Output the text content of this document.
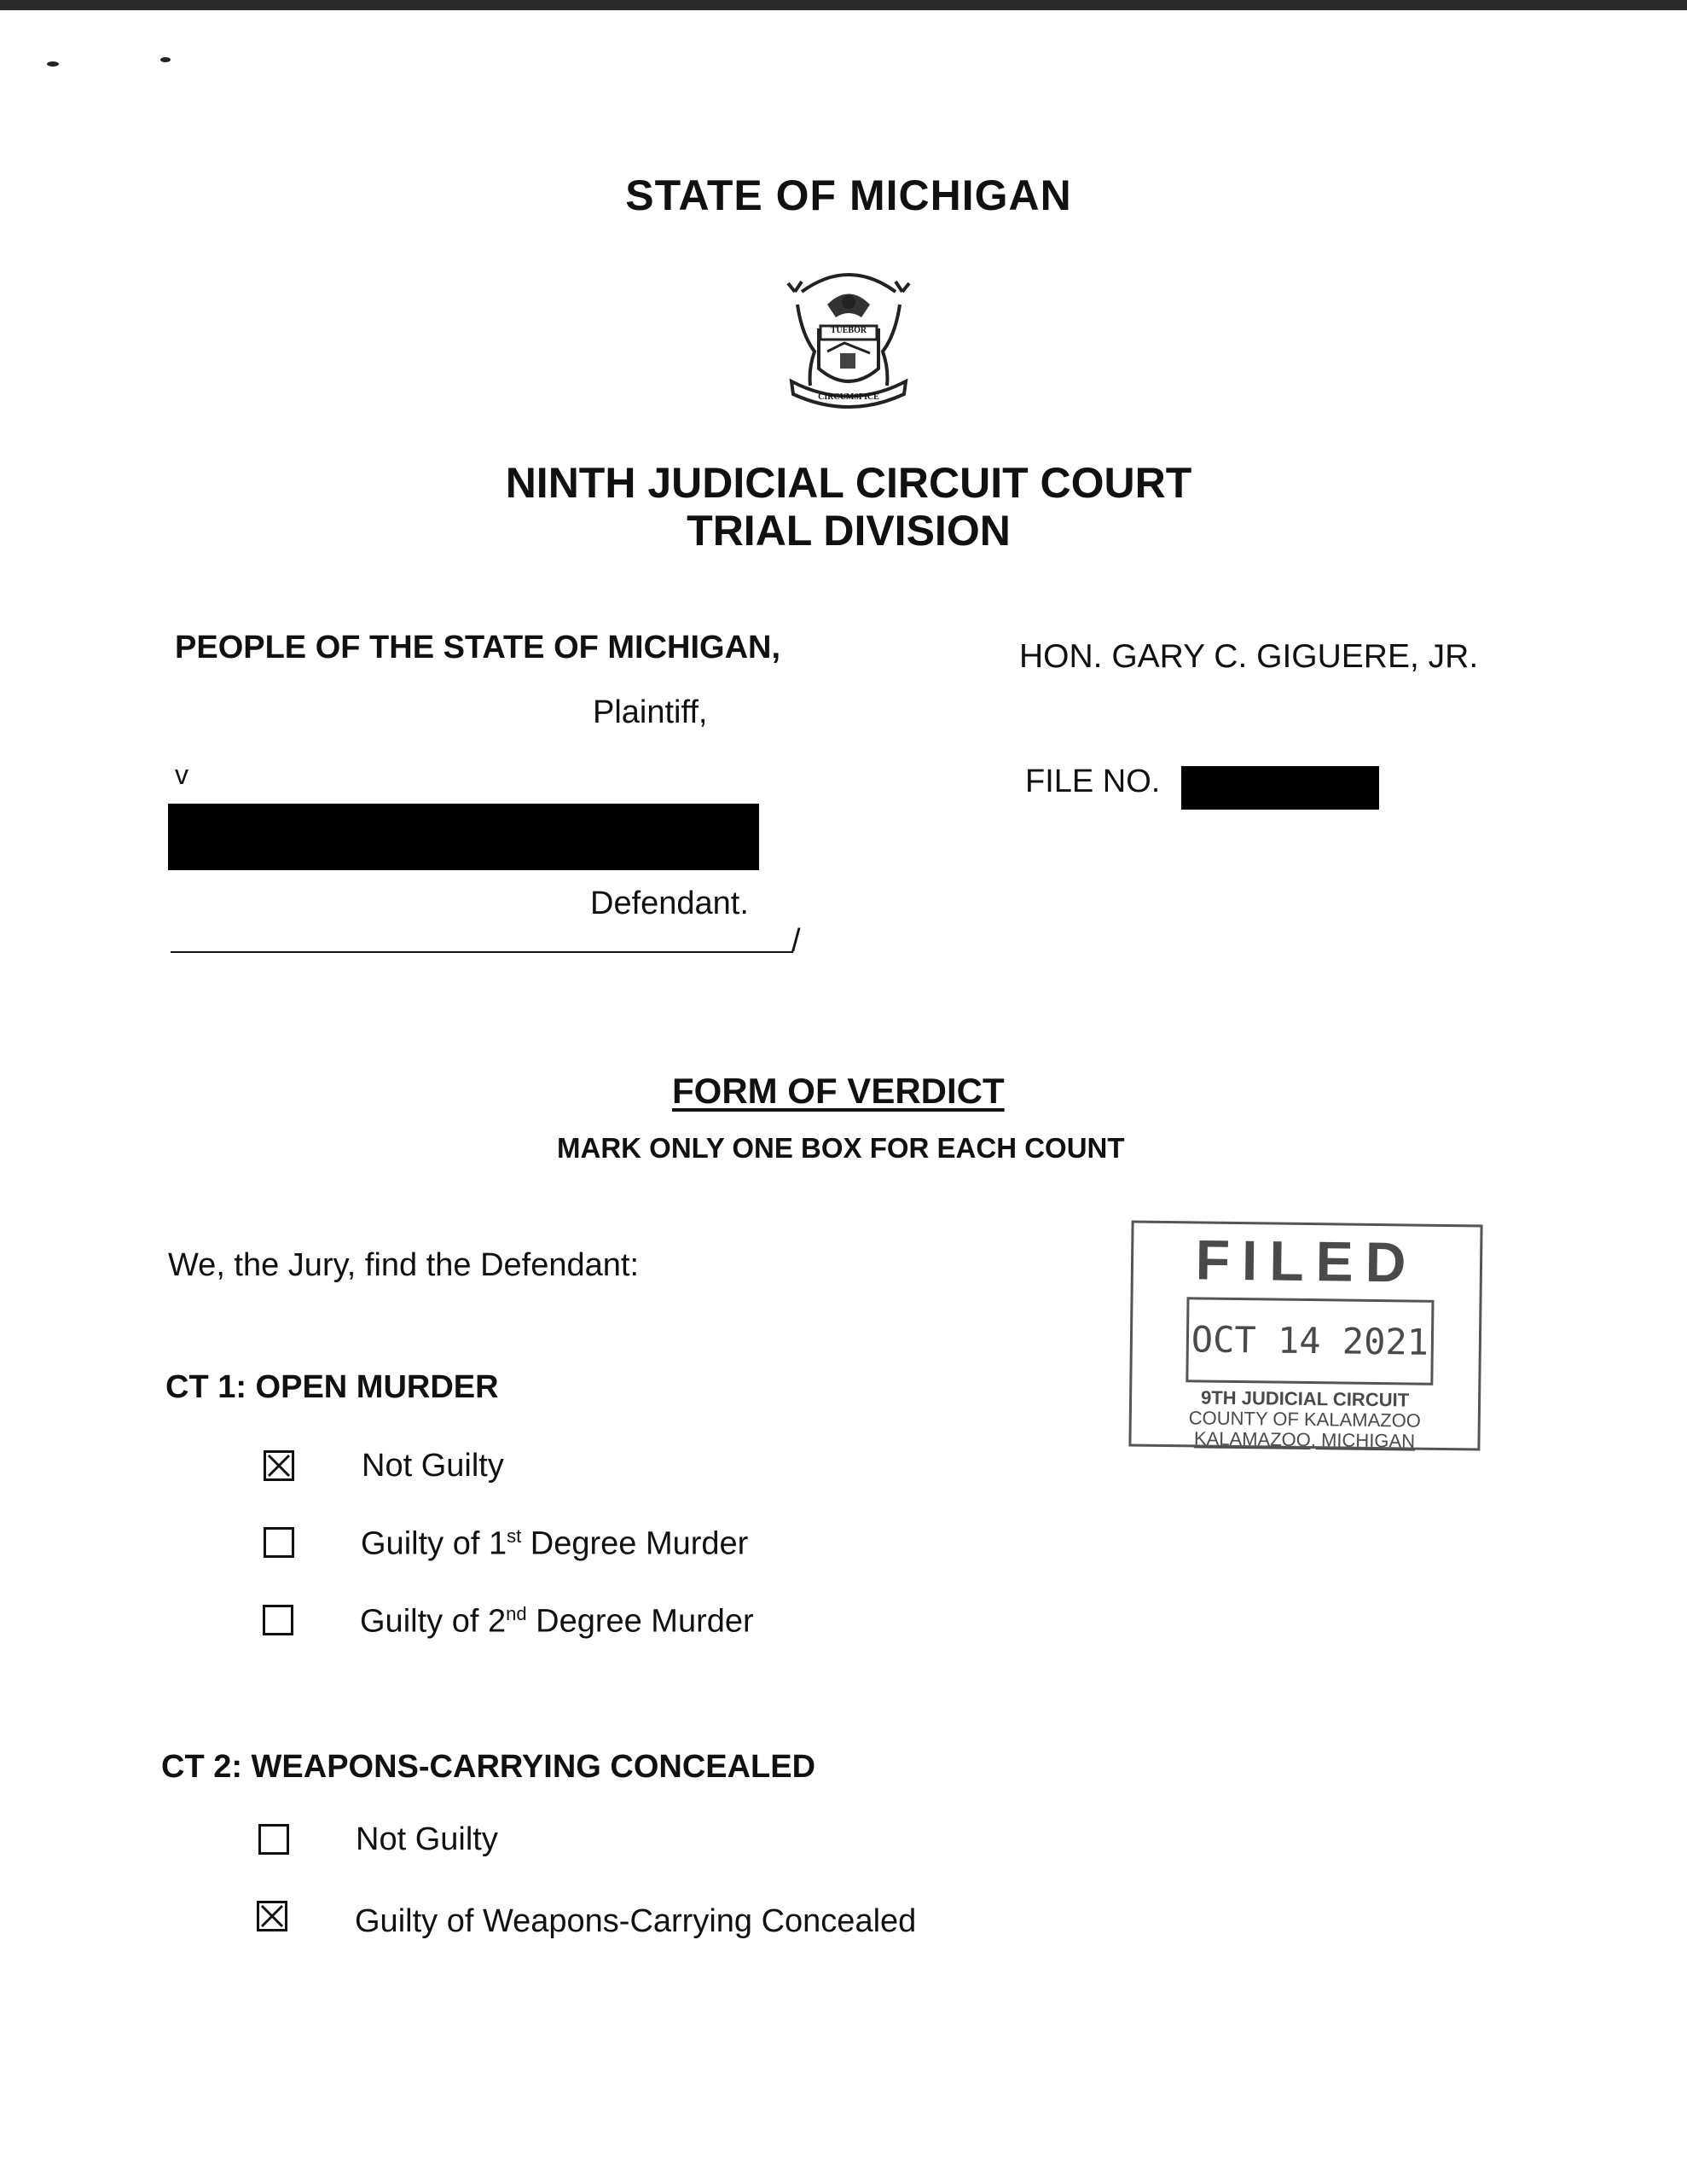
STATE OF MICHIGAN
TUEBOR
CIRCUMSPICE
NINTH JUDICIAL CIRCUIT COURT
TRIAL DIVISION
PEOPLE OF THE STATE OF MICHIGAN,	HON. GARY C. GIGUERE, JR.
Plaintiff,
v	FILE NO.
Defendant.
/
FORM OF VERDICT
MARK ONLY ONE BOX FOR EACH COUNT
We, the Jury, find the Defendant:
CT 1: OPEN MURDER
Not Guilty
Guilty of 1st Degree Murder
Guilty of 2nd Degree Murder
CT 2: WEAPONS-CARRYING CONCEALED
Not Guilty
Guilty of Weapons-Carrying Concealed
FILED
OCT 14 2021
9TH JUDICIAL CIRCUIT
COUNTY OF KALAMAZOO
KALAMAZOO, MICHIGAN
